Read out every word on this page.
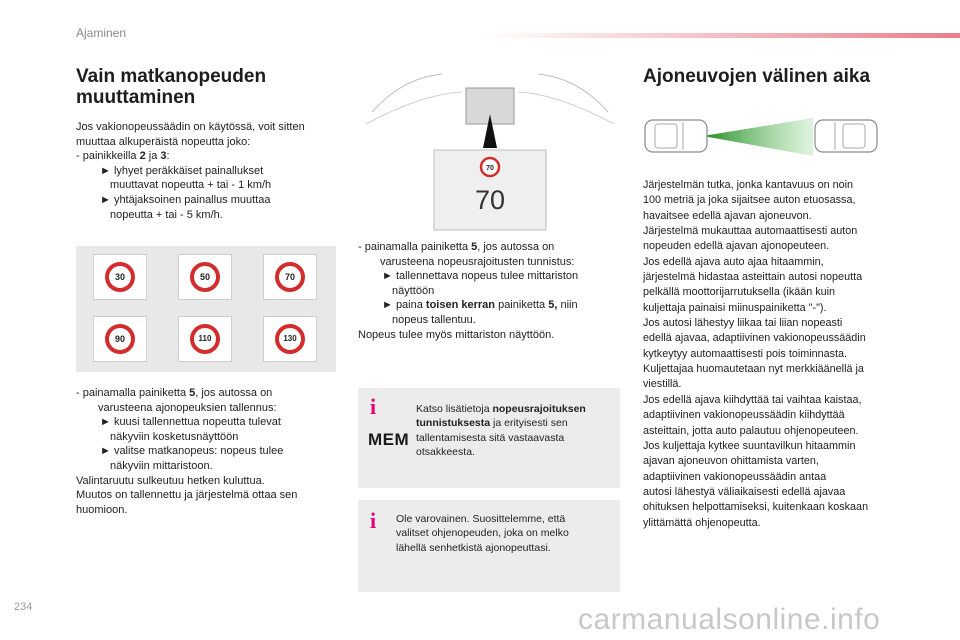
Ajaminen
Vain matkanopeuden
muuttaminen

Jos vakionopeussäädin on käytössä, voit sitten

muuttaa alkuperäistä nopeutta joko:

- painikkeilla 2 ja 3:

► lyhyet peräkkäiset painallukset

muuttavat nopeutta + tai - 1 km/h

► yhtäjaksoinen painallus muuttaa

nopeutta + tai - 5 km/h.

30	50	70
90	110	130

- painamalla painiketta 5, jos autossa on

varusteena ajonopeuksien tallennus:

► kuusi tallennettua nopeutta tulevat

näkyviin kosketusnäyttöön

► valitse matkanopeus: nopeus tulee

näkyviin mittaristoon.

Valintaruutu sulkeutuu hetken kuluttua.

Muutos on tallennettu ja järjestelmä ottaa sen

huomioon.

70
70

- painamalla painiketta 5, jos autossa on

varusteena nopeusrajoitusten tunnistus:

► tallennettava nopeus tulee mittariston

näyttöön

► paina toisen kerran painiketta 5, niin

nopeus tallentuu.

Nopeus tulee myös mittariston näyttöön.

i
MEM

Katso lisätietoja nopeusrajoituksen

tunnistuksesta ja erityisesti sen

tallentamisesta sitä vastaavasta

otsakkeesta.

i Ole varovainen. Suosittelemme, että

valitset ohjenopeuden, joka on melko

lähellä senhetkistä ajonopeuttasi.

Ajoneuvojen välinen aika

Järjestelmän tutka, jonka kantavuus on noin

100 metriä ja joka sijaitsee auton etuosassa,

havaitsee edellä ajavan ajoneuvon.

Järjestelmä mukauttaa automaattisesti auton

nopeuden edellä ajavan ajonopeuteen.

Jos edellä ajava auto ajaa hitaammin,

järjestelmä hidastaa asteittain autosi nopeutta

pelkällä moottorijarrutuksella (ikään kuin

kuljettaja painaisi miinuspainiketta "-").

Jos autosi lähestyy liikaa tai liian nopeasti

edellä ajavaa, adaptiivinen vakionopeussäädin

kytkeytyy automaattisesti pois toiminnasta.

Kuljettajaa huomautetaan nyt merkkiäänellä ja

viestillä.

Jos edellä ajava kiihdyttää tai vaihtaa kaistaa,

adaptiivinen vakionopeussäädin kiihdyttää

asteittain, jotta auto palautuu ohjenopeuteen.

Jos kuljettaja kytkee suuntavilkun hitaammin

ajavan ajoneuvon ohittamista varten,

adaptiivinen vakionopeussäädin antaa

autosi lähestyä väliaikaisesti edellä ajavaa

ohituksen helpottamiseksi, kuitenkaan koskaan

ylittämättä ohjenopeutta.

234	carmanualsonline.info
